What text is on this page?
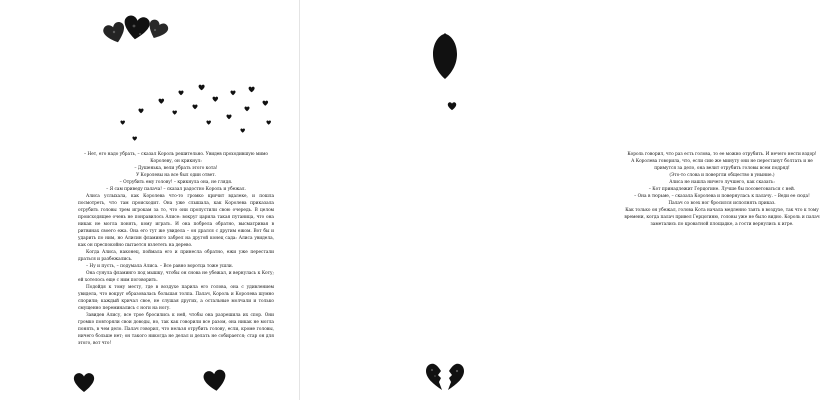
– Нет, его надо убрать, – сказал Король решительно. Увидев проходившую мимо Королеву, он крикнул:

– Душенька, вели убрать этого кота!

У Королевы на все был один ответ.

– Отрубить ему голову! – крикнула она, не глядя.

– Я сам приведу палача! – сказал радостно Король и убежал.

Алиса услыхала, как Королева что-то громко кричит вдалеке, и пошла посмотреть, что там происходит. Она уже слышала, как Королева приказала отрубить головы трем игрокам за то, что они пропустили свою очередь. В целом происходящее очень не понравилось Алисе: вокруг царила такая путаница, что она никак не могла понять, кому играть. И она побрела обратно, высматривая в ритвинах своего ежа. Она его тут же увидела – он дрался с другим ежом. Вот бы и ударить по ним, но Алисин фламинго забрел на другой конец сада: Алиса увидела, как он преспокойно пытается взлететь на дерево.

Когда Алиса, наконец, поймала его и принесла обратно, ежи уже перестали драться и разбежались.

– Ну и пусть, – подумала Алиса. – Все равно воротца тоже ушли.

Она сунула фламинго под мышку, чтобы он снова не убежал, и вернулась к Коту; ей хотелось еще с ним поговорить.

Подойдя к тому месту, где в воздухе парила его голова, она с удивлением увидела, что вокруг образовалась большая толпа. Палач, Король и Королева шумно спорили; каждый кричал свое, не слушая других, а остальные молчали и только смущенно переминались с ноги на ногу.

Завидев Алису, все трое бросились к ней, чтобы она разрешила их спор. Они громко повторяли свои доводы, но, так как говорили все разом, она никак не могла понять, в чем дело. Палач говорил, что нельзя отрубить голову, если, кроме головы, ничего больше нет; он такого никогда не делал и делать не собирается; стар он для этого, вот что!

Король говорил, что раз есть голова, то ее можно отрубить. И нечего нести вздор!

А Королева говорила, что, если сию же минуту они не перестанут болтать и не примутся за дело, она велит отрубить головы всем подряд!

(Это-то слова и повергли общество в уныние.)

Алиса не нашла ничего лучшего, как сказать:

– Кот принадлежит Герцогине. Лучше бы посоветоваться с ней.

– Она в тюрьме, – сказала Королева и повернулась к палачу. – Веди ее сюда!

Палач со всех ног бросился исполнять приказ.

Как только он убежал, голова Кота начала медленно таять в воздухе, так что к тому времени, когда палач привел Герцогиню, головы уже не было видно. Король и палач заметались по кроватной площадке, а гости вернулись к игре.
